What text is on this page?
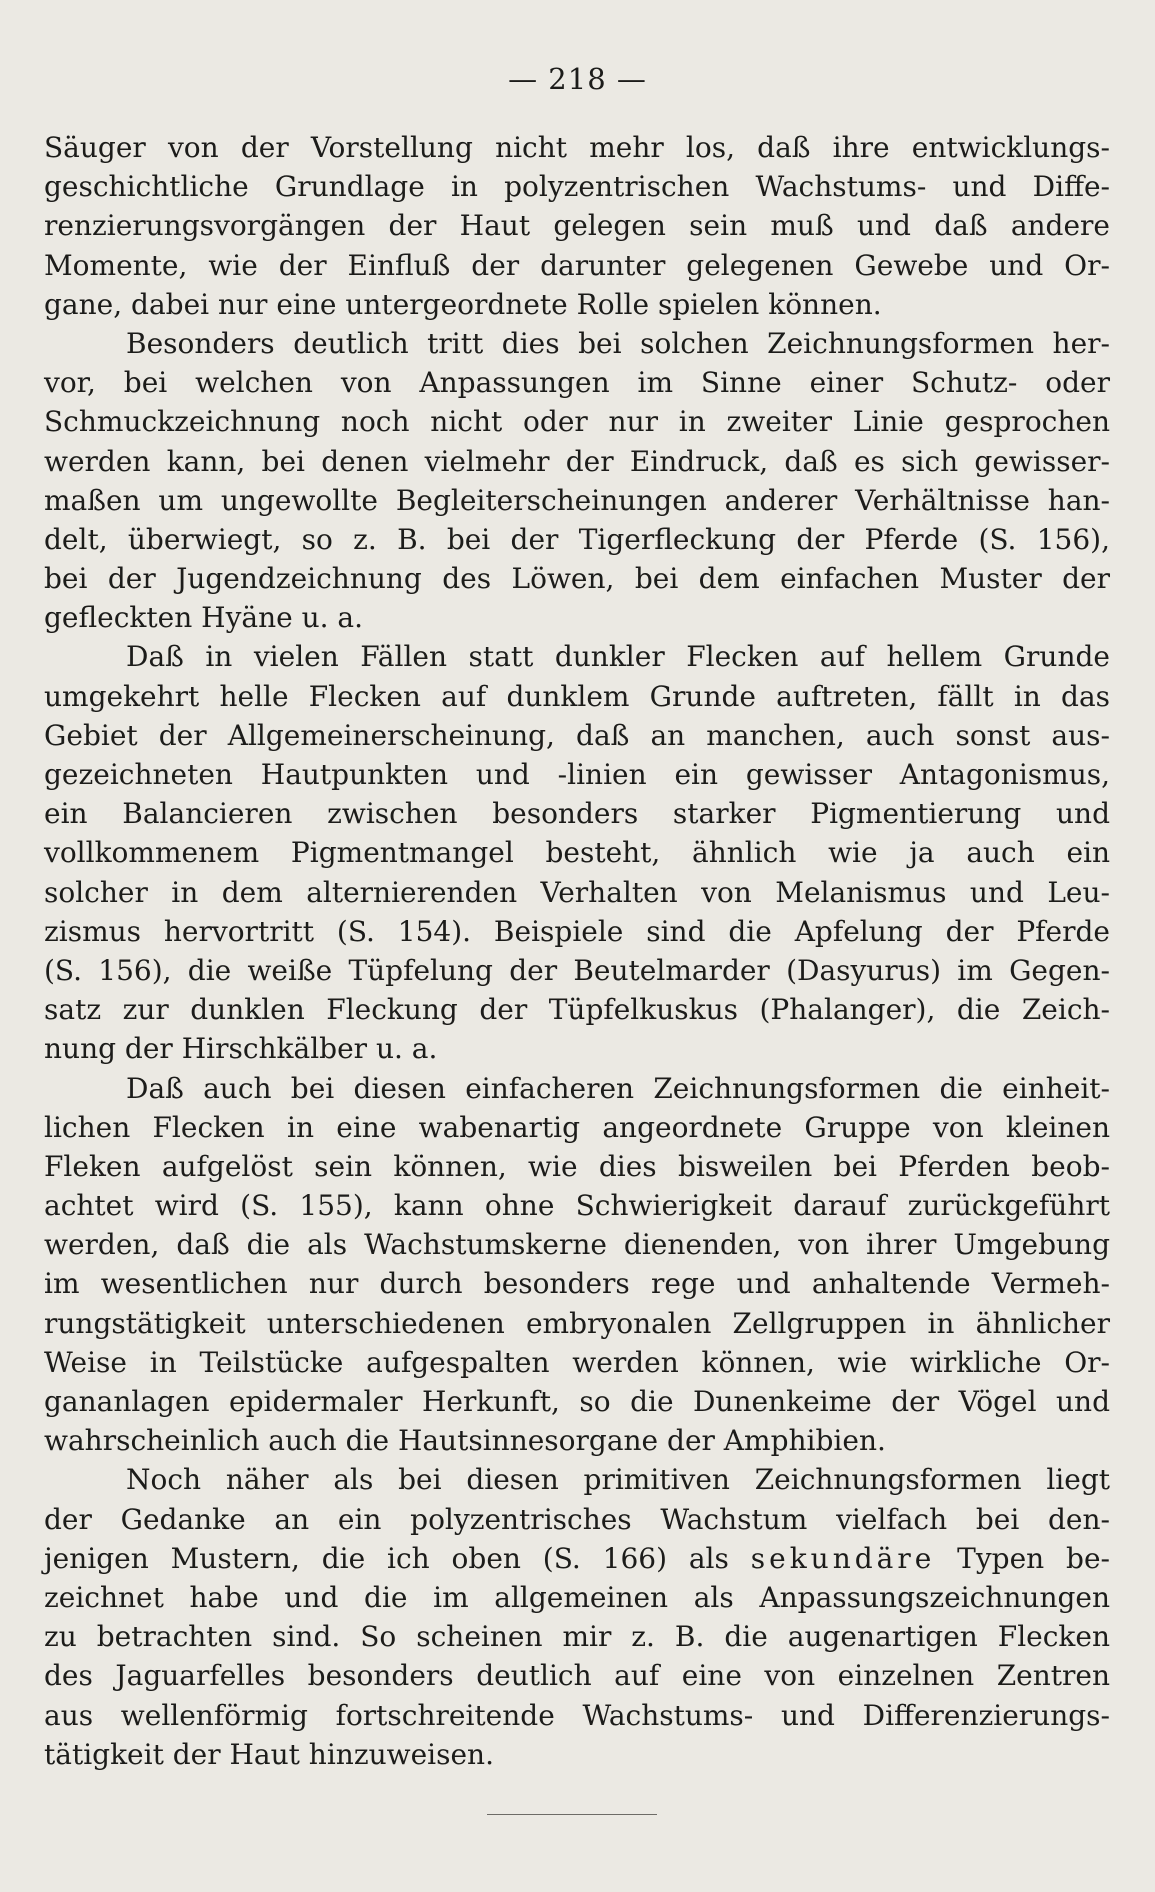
— 218 —
Säuger von der Vorstellung nicht mehr los, daß ihre entwicklungs-
geschichtliche Grundlage in polyzentrischen Wachstums- und Diffe-
renzierungsvorgängen der Haut gelegen sein muß und daß andere
Momente, wie der Einfluß der darunter gelegenen Gewebe und Or-
gane, dabei nur eine untergeordnete Rolle spielen können.
Besonders deutlich tritt dies bei solchen Zeichnungsformen her-
vor, bei welchen von Anpassungen im Sinne einer Schutz- oder
Schmuckzeichnung noch nicht oder nur in zweiter Linie gesprochen
werden kann, bei denen vielmehr der Eindruck, daß es sich gewisser-
maßen um ungewollte Begleiterscheinungen anderer Verhältnisse han-
delt, überwiegt, so z. B. bei der Tigerfleckung der Pferde (S. 156),
bei der Jugendzeichnung des Löwen, bei dem einfachen Muster der
gefleckten Hyäne u. a.
Daß in vielen Fällen statt dunkler Flecken auf hellem Grunde
umgekehrt helle Flecken auf dunklem Grunde auftreten, fällt in das
Gebiet der Allgemeinerscheinung, daß an manchen, auch sonst aus-
gezeichneten Hautpunkten und -linien ein gewisser Antagonismus,
ein Balancieren zwischen besonders starker Pigmentierung und
vollkommenem Pigmentmangel besteht, ähnlich wie ja auch ein
solcher in dem alternierenden Verhalten von Melanismus und Leu-
zismus hervortritt (S. 154). Beispiele sind die Apfelung der Pferde
(S. 156), die weiße Tüpfelung der Beutelmarder (Dasyurus) im Gegen-
satz zur dunklen Fleckung der Tüpfelkuskus (Phalanger), die Zeich-
nung der Hirschkälber u. a.
Daß auch bei diesen einfacheren Zeichnungsformen die einheit-
lichen Flecken in eine wabenartig angeordnete Gruppe von kleinen
Fleken aufgelöst sein können, wie dies bisweilen bei Pferden beob-
achtet wird (S. 155), kann ohne Schwierigkeit darauf zurückgeführt
werden, daß die als Wachstumskerne dienenden, von ihrer Umgebung
im wesentlichen nur durch besonders rege und anhaltende Vermeh-
rungstätigkeit unterschiedenen embryonalen Zellgruppen in ähnlicher
Weise in Teilstücke aufgespalten werden können, wie wirkliche Or-
gananlagen epidermaler Herkunft, so die Dunenkeime der Vögel und
wahrscheinlich auch die Hautsinnesorgane der Amphibien.
Noch näher als bei diesen primitiven Zeichnungsformen liegt
der Gedanke an ein polyzentrisches Wachstum vielfach bei den-
jenigen Mustern, die ich oben (S. 166) als sekundäre Typen be-
zeichnet habe und die im allgemeinen als Anpassungszeichnungen
zu betrachten sind. So scheinen mir z. B. die augenartigen Flecken
des Jaguarfelles besonders deutlich auf eine von einzelnen Zentren
aus wellenförmig fortschreitende Wachstums- und Differenzierungs-
tätigkeit der Haut hinzuweisen.
